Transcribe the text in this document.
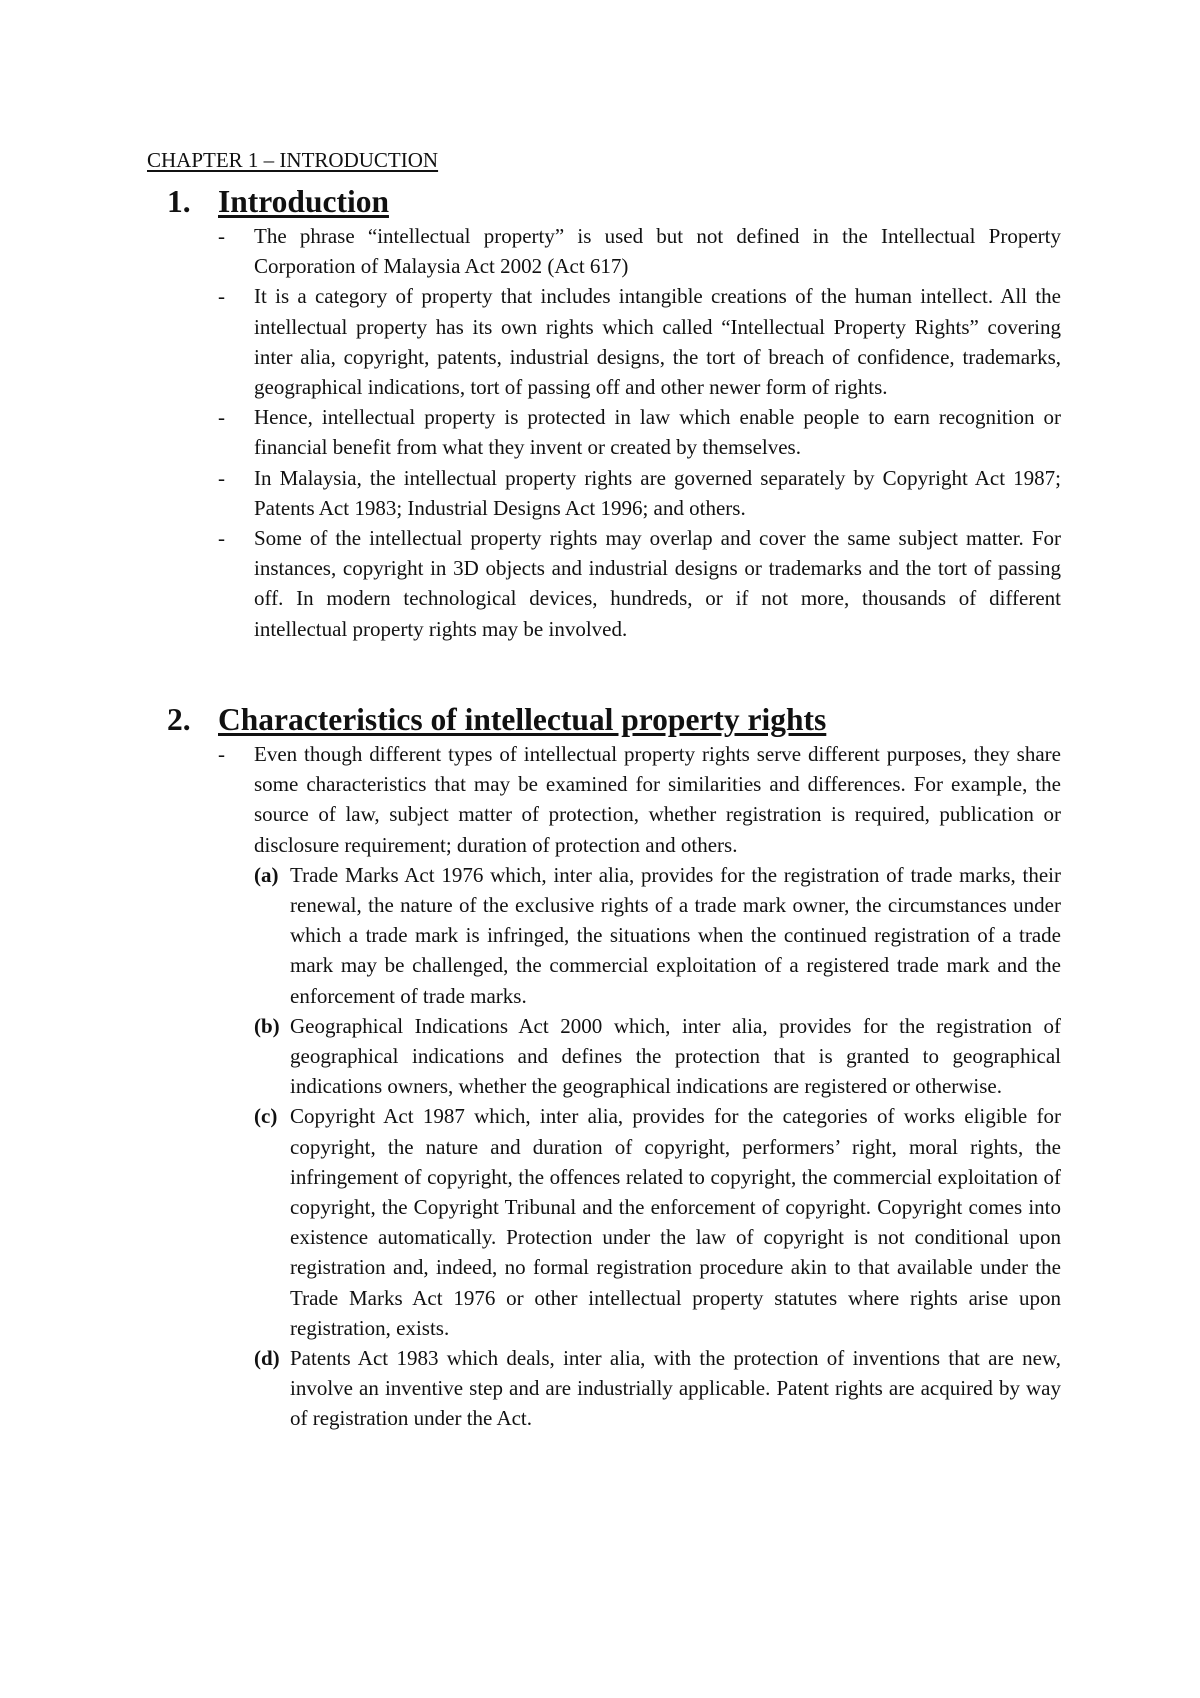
CHAPTER 1 – INTRODUCTION
1. Introduction
- The phrase “intellectual property” is used but not defined in the Intellectual Property Corporation of Malaysia Act 2002 (Act 617)
- It is a category of property that includes intangible creations of the human intellect. All the intellectual property has its own rights which called “Intellectual Property Rights” covering inter alia, copyright, patents, industrial designs, the tort of breach of confidence, trademarks, geographical indications, tort of passing off and other newer form of rights.
- Hence, intellectual property is protected in law which enable people to earn recognition or financial benefit from what they invent or created by themselves.
- In Malaysia, the intellectual property rights are governed separately by Copyright Act 1987; Patents Act 1983; Industrial Designs Act 1996; and others.
- Some of the intellectual property rights may overlap and cover the same subject matter. For instances, copyright in 3D objects and industrial designs or trademarks and the tort of passing off. In modern technological devices, hundreds, or if not more, thousands of different intellectual property rights may be involved.
2. Characteristics of intellectual property rights
- Even though different types of intellectual property rights serve different purposes, they share some characteristics that may be examined for similarities and differences. For example, the source of law, subject matter of protection, whether registration is required, publication or disclosure requirement; duration of protection and others.
(a) Trade Marks Act 1976 which, inter alia, provides for the registration of trade marks, their renewal, the nature of the exclusive rights of a trade mark owner, the circumstances under which a trade mark is infringed, the situations when the continued registration of a trade mark may be challenged, the commercial exploitation of a registered trade mark and the enforcement of trade marks.
(b) Geographical Indications Act 2000 which, inter alia, provides for the registration of geographical indications and defines the protection that is granted to geographical indications owners, whether the geographical indications are registered or otherwise.
(c) Copyright Act 1987 which, inter alia, provides for the categories of works eligible for copyright, the nature and duration of copyright, performers’ right, moral rights, the infringement of copyright, the offences related to copyright, the commercial exploitation of copyright, the Copyright Tribunal and the enforcement of copyright. Copyright comes into existence automatically. Protection under the law of copyright is not conditional upon registration and, indeed, no formal registration procedure akin to that available under the Trade Marks Act 1976 or other intellectual property statutes where rights arise upon registration, exists.
(d) Patents Act 1983 which deals, inter alia, with the protection of inventions that are new, involve an inventive step and are industrially applicable. Patent rights are acquired by way of registration under the Act.
